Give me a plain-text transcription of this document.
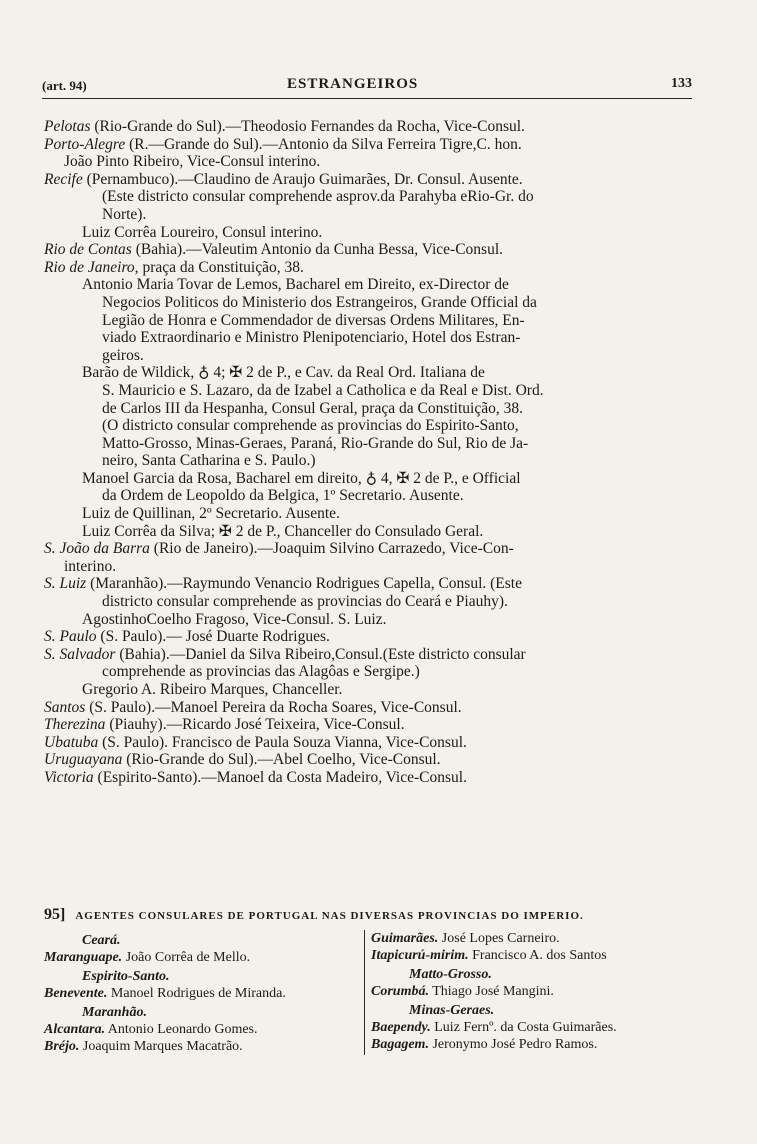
(art. 94)	ESTRANGEIROS	133
Pelotas (Rio-Grande do Sul).—Theodosio Fernandes da Rocha, Vice-Consul.
Porto-Alegre (R.—Grande do Sul).—Antonio da Silva Ferreira Tigre,C. hon.
João Pinto Ribeiro, Vice-Consul interino.
Recife (Pernambuco).—Claudino de Araujo Guimarães, Dr. Consul. Ausente.
(Este districto consular comprehende asprov.da Parahyba eRio-Gr. do
Norte).
Luiz Corrêa Loureiro, Consul interino.
Rio de Contas (Bahia).—Valeutim Antonio da Cunha Bessa, Vice-Consul.
Rio de Janeiro, praça da Constituição, 38.
Antonio Maria Tovar de Lemos, Bacharel em Direito, ex-Director de
Negocios Politicos do Ministerio dos Estrangeiros, Grande Official da
Legião de Honra e Commendador de diversas Ordens Militares, En-
viado Extraordinario e Ministro Plenipotenciario, Hotel dos Estran-
geiros.
Barão de Wildick, ♁ 4; ✠ 2 de P., e Cav. da Real Ord. Italiana de
S. Mauricio e S. Lazaro, da de Izabel a Catholica e da Real e Dist. Ord.
de Carlos III da Hespanha, Consul Geral, praça da Constituição, 38.
(O districto consular comprehende as provincias do Espirito-Santo,
Matto-Grosso, Minas-Geraes, Paraná, Rio-Grande do Sul, Rio de Ja-
neiro, Santa Catharina e S. Paulo.)
Manoel Garcia da Rosa, Bacharel em direito, ♁ 4, ✠ 2 de P., e Official
da Ordem de Leopoldo da Belgica, 1º Secretario. Ausente.
Luiz de Quillinan, 2º Secretario. Ausente.
Luiz Corrêa da Silva; ✠ 2 de P., Chanceller do Consulado Geral.
S. João da Barra (Rio de Janeiro).—Joaquim Silvino Carrazedo, Vice-Con-
interino.
S. Luiz (Maranhão).—Raymundo Venancio Rodrigues Capella, Consul. (Este
districto consular comprehende as provincias do Ceará e Piauhy).
AgostinhoCoelho Fragoso, Vice-Consul. S. Luiz.
S. Paulo (S. Paulo).— José Duarte Rodrigues.
S. Salvador (Bahia).—Daniel da Silva Ribeiro,Consul.(Este districto consular
comprehende as provincias das Alagôas e Sergipe.)
Gregorio A. Ribeiro Marques, Chanceller.
Santos (S. Paulo).—Manoel Pereira da Rocha Soares, Vice-Consul.
Therezina (Piauhy).—Ricardo José Teixeira, Vice-Consul.
Ubatuba (S. Paulo). Francisco de Paula Souza Vianna, Vice-Consul.
Uruguayana (Rio-Grande do Sul).—Abel Coelho, Vice-Consul.
Victoria (Espirito-Santo).—Manoel da Costa Madeiro, Vice-Consul.
95] AGENTES CONSULARES DE PORTUGAL NAS DIVERSAS PROVINCIAS DO IMPERIO.
Ceará.
Maranguape. João Corrêa de Mello.
Espirito-Santo.
Benevente. Manoel Rodrigues de Miranda.
Maranhão.
Alcantara. Antonio Leonardo Gomes.
Bréjo. Joaquim Marques Macatrão.
Guimarães. José Lopes Carneiro.
Itapicurú-mirim. Francisco A. dos Santos
Matto-Grosso.
Corumbá. Thiago José Mangini.
Minas-Geraes.
Baependy. Luiz Fernº. da Costa Guimarães.
Bagagem. Jeronymo José Pedro Ramos.
